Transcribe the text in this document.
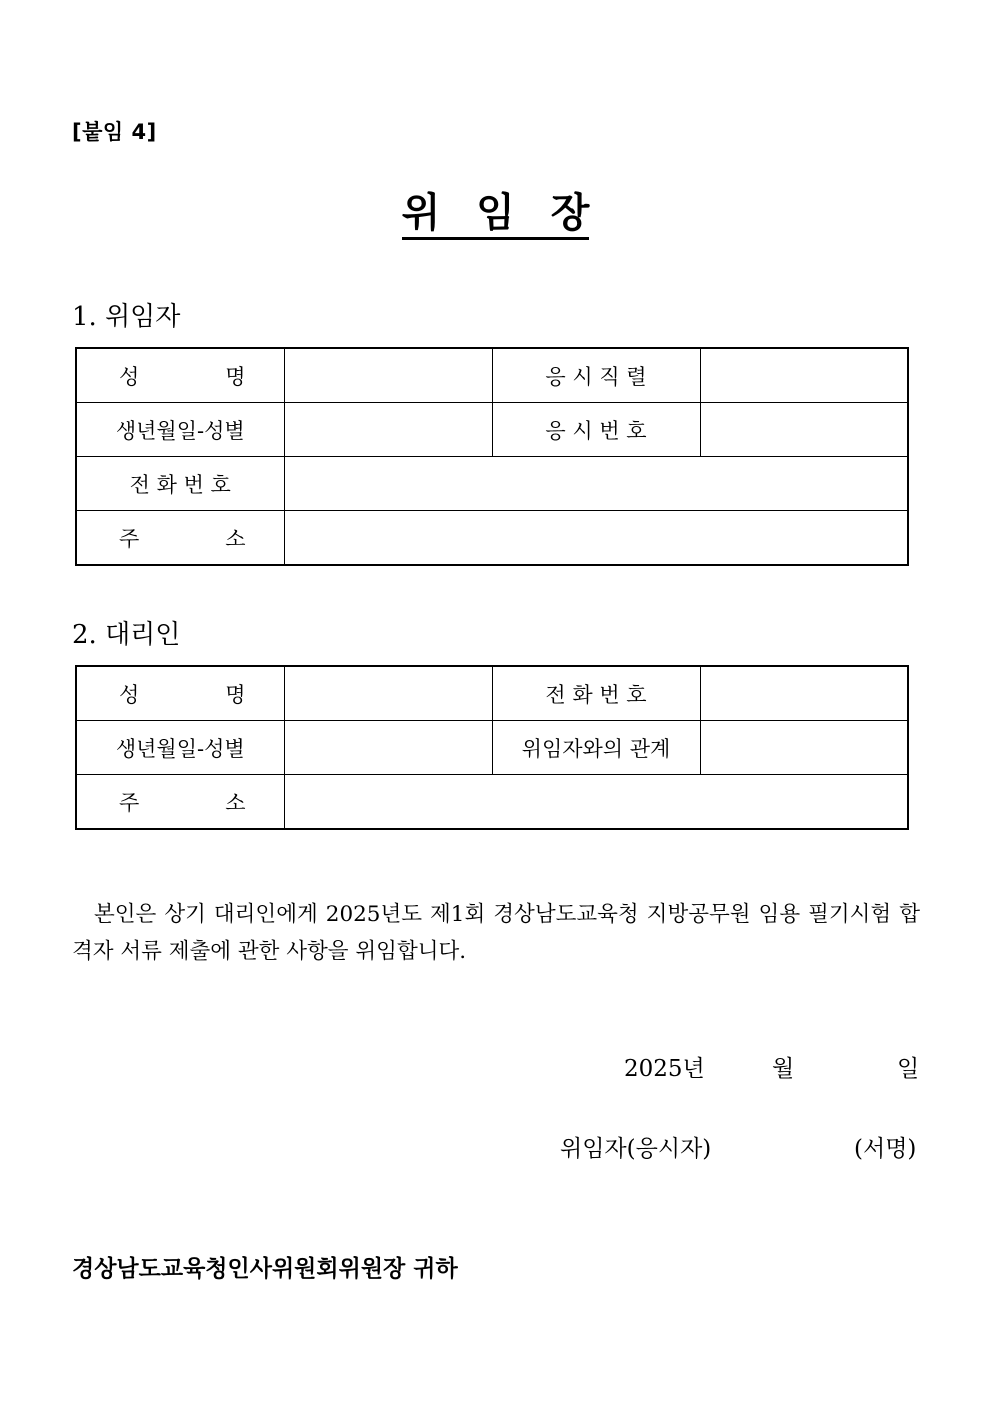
[붙임 4]
위 임 장
1. 위임자
성 명		응 시 직 렬	
생년월일-성별		응 시 번 호	
전 화 번 호			

주 소			

2. 대리인
성 명		전 화 번 호	
생년월일-성별		위임자와의 관계	

주 소			

본인은 상기 대리인에게 2025년도 제1회 경상남도교육청 지방공무원 임용 필기시험 합격자 서류 제출에 관한 사항을 위임합니다.

2025년	월	일
위임자(응시자)	(서명)
경상남도교육청인사위원회위원장 귀하
